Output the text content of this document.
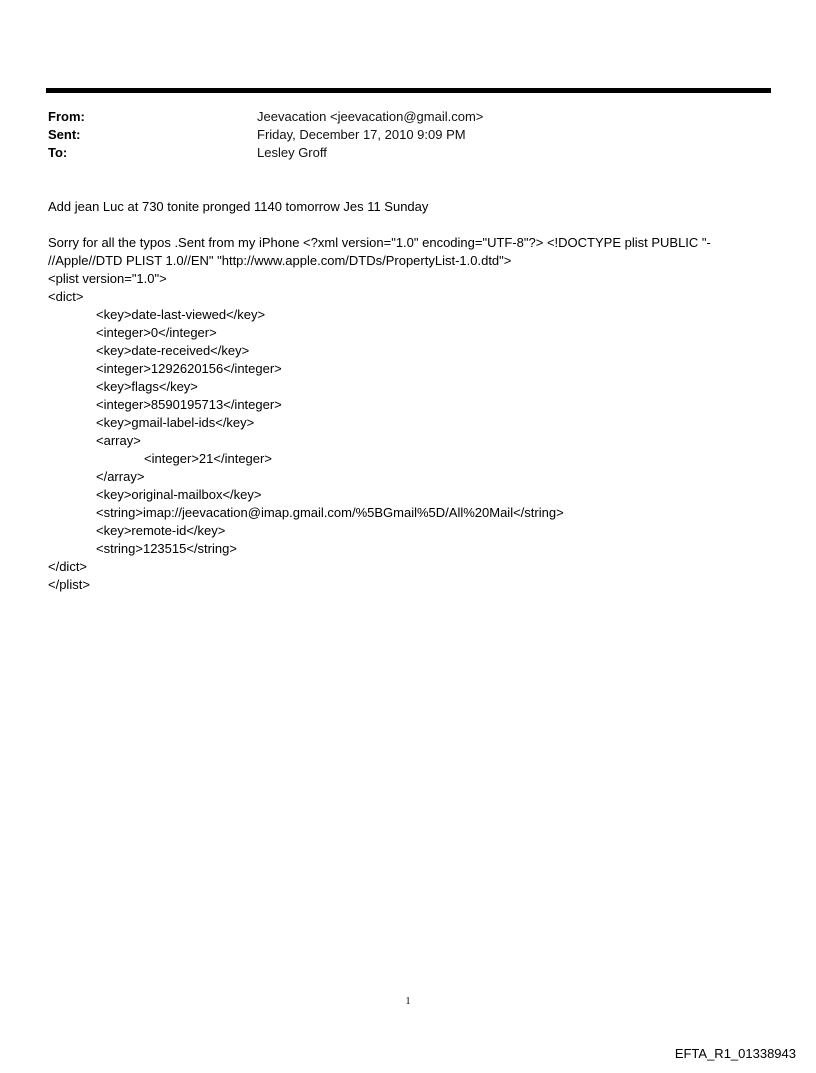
From:	Jeevacation <jeevacation@gmail.com>
Sent:	Friday, December 17, 2010 9:09 PM
To:	Lesley Groff
Add jean Luc at 730 tonite pronged 1140 tomorrow Jes 11 Sunday
Sorry for all the typos .Sent from my iPhone <?xml version="1.0" encoding="UTF-8"?> <!DOCTYPE plist PUBLIC "-
//Apple//DTD PLIST 1.0//EN" "http://www.apple.com/DTDs/PropertyList-1.0.dtd">
<plist version="1.0">
<dict>
<key>date-last-viewed</key>
<integer>0</integer>
<key>date-received</key>
<integer>1292620156</integer>
<key>flags</key>
<integer>8590195713</integer>
<key>gmail-label-ids</key>
<array>
<integer>21</integer>
</array>
<key>original-mailbox</key>
<string>imap://jeevacation@imap.gmail.com/%5BGmail%5D/All%20Mail</string>
<key>remote-id</key>
<string>123515</string>
</dict>
</plist>
1
EFTA_R1_01338943
